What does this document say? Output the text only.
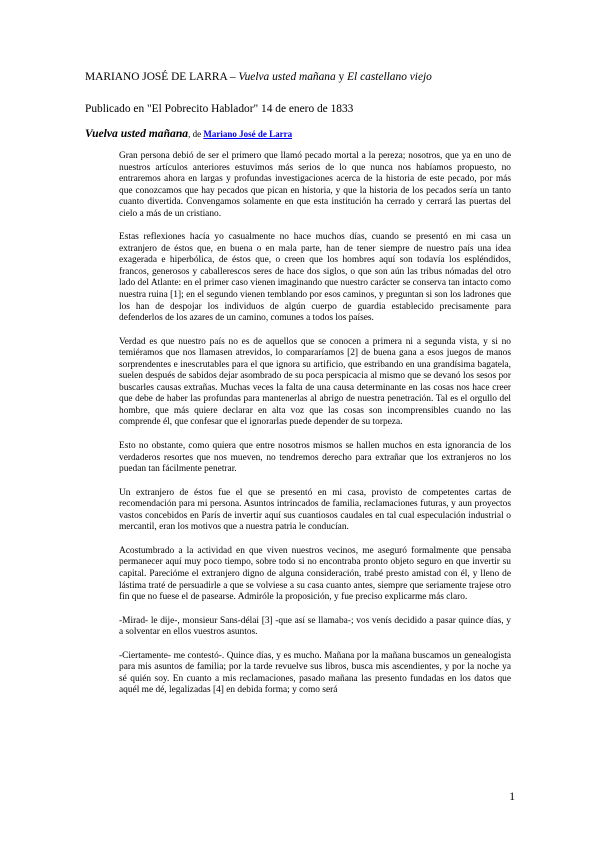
MARIANO JOSÉ DE LARRA – Vuelva usted mañana y El castellano viejo
Publicado en "El Pobrecito Hablador" 14 de enero de 1833
Vuelva usted mañana, de Mariano José de Larra

Gran persona debió de ser el primero que llamó pecado mortal a la pereza; nosotros, que ya en uno de nuestros artículos anteriores estuvimos más serios de lo que nunca nos habíamos propuesto, no entraremos ahora en largas y profundas investigaciones acerca de la historia de este pecado, por más que conozcamos que hay pecados que pican en historia, y que la historia de los pecados sería un tanto cuanto divertida. Convengamos solamente en que esta institución ha cerrado y cerrará las puertas del cielo a más de un cristiano.

Estas reflexiones hacía yo casualmente no hace muchos días, cuando se presentó en mi casa un extranjero de éstos que, en buena o en mala parte, han de tener siempre de nuestro país una idea exagerada e hiperbólica, de éstos que, o creen que los hombres aquí son todavía los espléndidos, francos, generosos y caballerescos seres de hace dos siglos, o que son aún las tribus nómadas del otro lado del Atlante: en el primer caso vienen imaginando que nuestro carácter se conserva tan intacto como nuestra ruina [1]; en el segundo vienen temblando por esos caminos, y preguntan si son los ladrones que los han de despojar los individuos de algún cuerpo de guardia establecido precisamente para defenderlos de los azares de un camino, comunes a todos los países.

Verdad es que nuestro país no es de aquellos que se conocen a primera ni a segunda vista, y si no temiéramos que nos llamasen atrevidos, lo compararíamos [2] de buena gana a esos juegos de manos sorprendentes e inescrutables para el que ignora su artificio, que estribando en una grandísima bagatela, suelen después de sabidos dejar asombrado de su poca perspicacia al mismo que se devanó los sesos por buscarles causas extrañas. Muchas veces la falta de una causa determinante en las cosas nos hace creer que debe de haber las profundas para mantenerlas al abrigo de nuestra penetración. Tal es el orgullo del hombre, que más quiere declarar en alta voz que las cosas son incomprensibles cuando no las comprende él, que confesar que el ignorarlas puede depender de su torpeza.

Esto no obstante, como quiera que entre nosotros mismos se hallen muchos en esta ignorancia de los verdaderos resortes que nos mueven, no tendremos derecho para extrañar que los extranjeros no los puedan tan fácilmente penetrar.

Un extranjero de éstos fue el que se presentó en mi casa, provisto de competentes cartas de recomendación para mi persona. Asuntos intrincados de familia, reclamaciones futuras, y aun proyectos vastos concebidos en París de invertir aquí sus cuantiosos caudales en tal cual especulación industrial o mercantil, eran los motivos que a nuestra patria le conducían.

Acostumbrado a la actividad en que viven nuestros vecinos, me aseguró formalmente que pensaba permanecer aquí muy poco tiempo, sobre todo si no encontraba pronto objeto seguro en que invertir su capital. Parecióme el extranjero digno de alguna consideración, trabé presto amistad con él, y lleno de lástima traté de persuadirle a que se volviese a su casa cuanto antes, siempre que seriamente trajese otro fin que no fuese el de pasearse. Admiróle la proposición, y fue preciso explicarme más claro.

-Mirad- le dije-, monsieur Sans-délai [3] -que así se llamaba-; vos venís decidido a pasar quince días, y a solventar en ellos vuestros asuntos.

-Ciertamente- me contestó-. Quince días, y es mucho. Mañana por la mañana buscamos un genealogista para mis asuntos de familia; por la tarde revuelve sus libros, busca mis ascendientes, y por la noche ya sé quién soy. En cuanto a mis reclamaciones, pasado mañana las presento fundadas en los datos que aquél me dé, legalizadas [4] en debida forma; y como será

1
